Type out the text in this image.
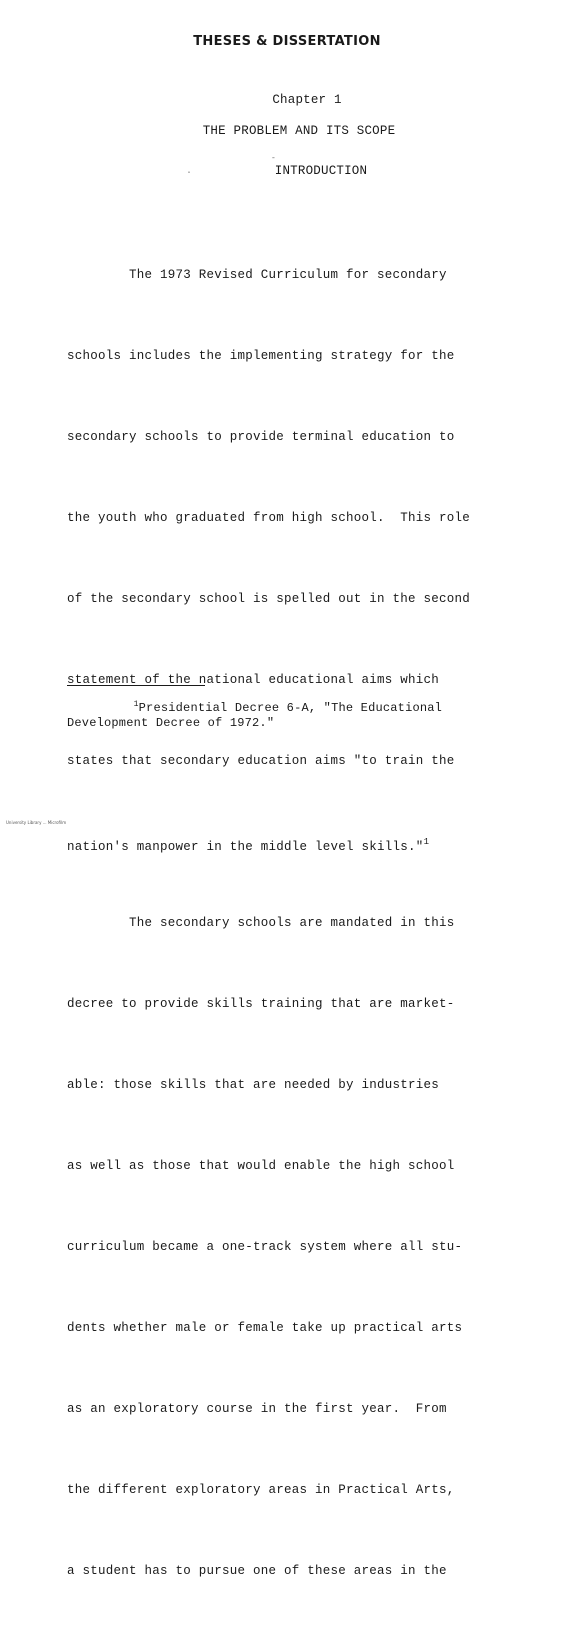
THESES & DISSERTATION
Chapter 1
THE PROBLEM AND ITS SCOPE
-
·	INTRODUCTION

The 1973 Revised Curriculum for secondary

schools includes the implementing strategy for the

secondary schools to provide terminal education to

the youth who graduated from high school.  This role

of the secondary school is spelled out in the second

statement of the national educational aims which

states that secondary education aims "to train the

nation's manpower in the middle level skills."$^1$

The secondary schools are mandated in this

decree to provide skills training that are market-

able: those skills that are needed by industries

as well as those that would enable the high school

curriculum became a one-track system where all stu-

dents whether male or female take up practical arts

as an exploratory course in the first year.  From

the different exploratory areas in Practical Arts,

a student has to pursue one of these areas in the

$^1$Presidential Decree 6-A, "The Educational
Development Decree of 1972."
University Library ... Microfilm
